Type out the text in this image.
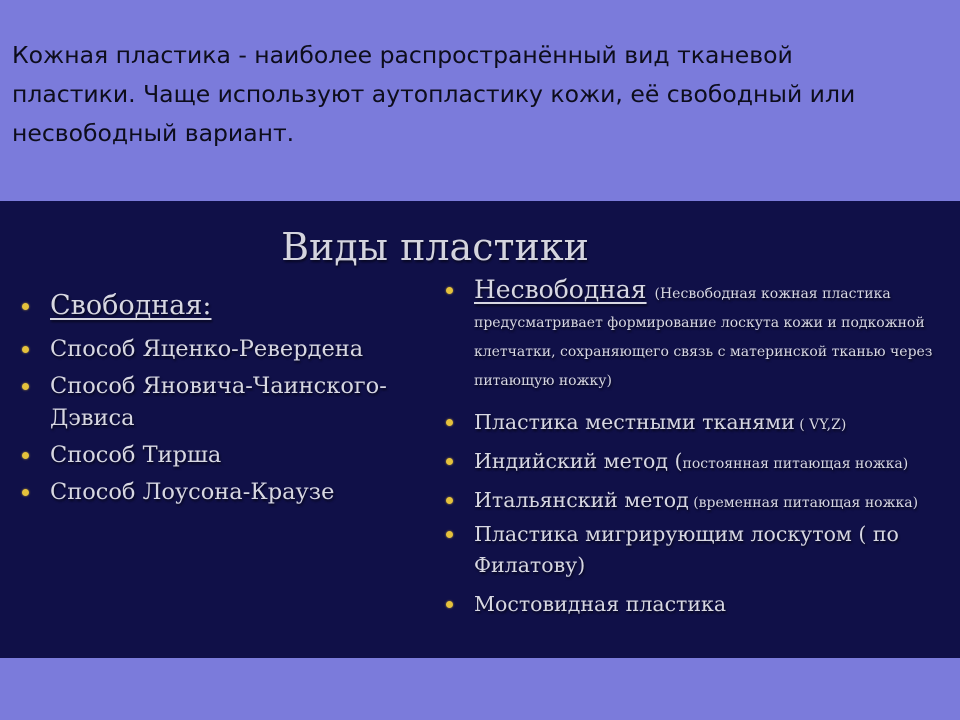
Кожная пластика - наиболее распространённый вид тканевой
пластики. Чаще используют аутопластику кожи, её свободный или
несвободный вариант.

Виды пластики
Свободная:
Способ Яценко-Ревердена
Способ Яновича-Чаинского-Дэвиса
Способ Тирша
Способ Лоусона-Краузе
Несвободная (Несвободная кожная пластика предусматривает формирование лоскута кожи и подкожной клетчатки, сохраняющего связь с материнской тканью через питающую ножку)
Пластика местными тканями ( VY,Z)
Индийский метод (постоянная питающая ножка)
Итальянский метод (временная питающая ножка)
Пластика мигрирующим лоскутом ( по Филатову)
Мостовидная пластика
